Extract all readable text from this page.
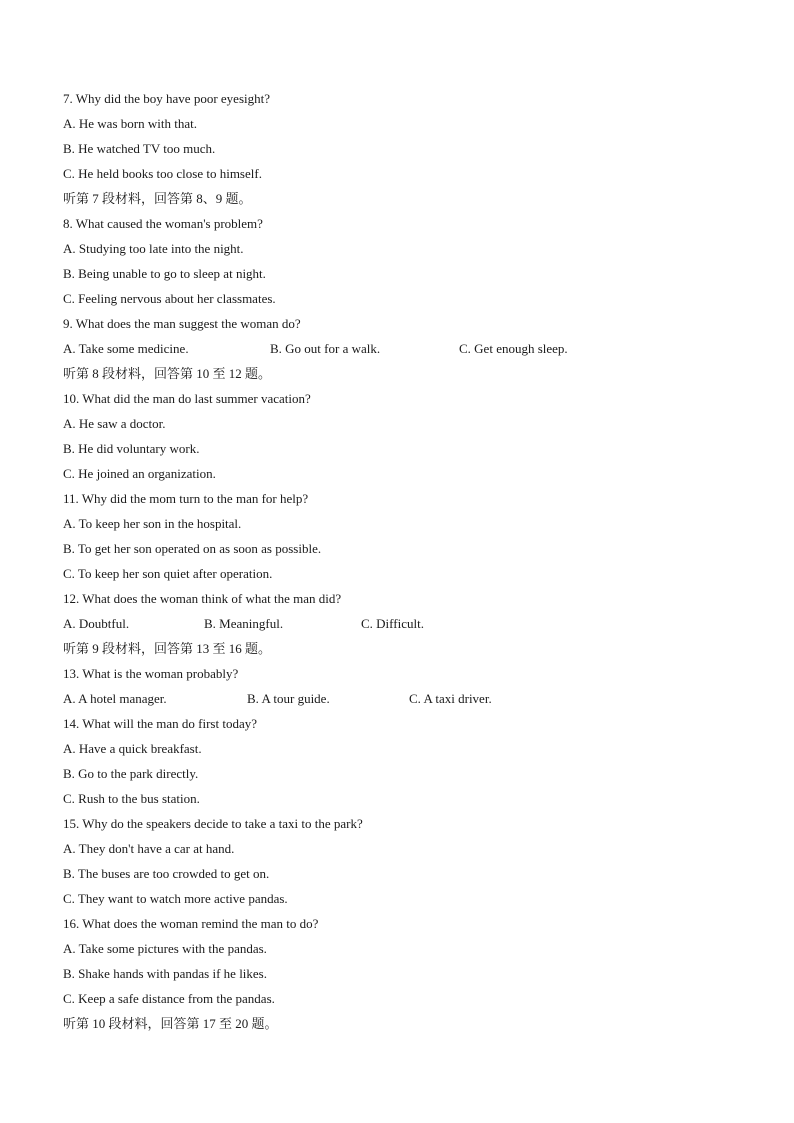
7. Why did the boy have poor eyesight?
A. He was born with that.
B. He watched TV too much.
C. He held books too close to himself.
听第 7 段材料，回答第 8、9 题。
8. What caused the woman's problem?
A. Studying too late into the night.
B. Being unable to go to sleep at night.
C. Feeling nervous about her classmates.
9. What does the man suggest the woman do?
A. Take some medicine.	B. Go out for a walk.	C. Get enough sleep.
听第 8 段材料，回答第 10 至 12 题。
10. What did the man do last summer vacation?
A. He saw a doctor.
B. He did voluntary work.
C. He joined an organization.
11. Why did the mom turn to the man for help?
A. To keep her son in the hospital.
B. To get her son operated on as soon as possible.
C. To keep her son quiet after operation.
12. What does the woman think of what the man did?
A. Doubtful.	B. Meaningful.	C. Difficult.
听第 9 段材料，回答第 13 至 16 题。
13. What is the woman probably?
A. A hotel manager.	B. A tour guide.	C. A taxi driver.
14. What will the man do first today?
A. Have a quick breakfast.
B. Go to the park directly.
C. Rush to the bus station.
15. Why do the speakers decide to take a taxi to the park?
A. They don't have a car at hand.
B. The buses are too crowded to get on.
C. They want to watch more active pandas.
16. What does the woman remind the man to do?
A. Take some pictures with the pandas.
B. Shake hands with pandas if he likes.
C. Keep a safe distance from the pandas.
听第 10 段材料，回答第 17 至 20 题。
